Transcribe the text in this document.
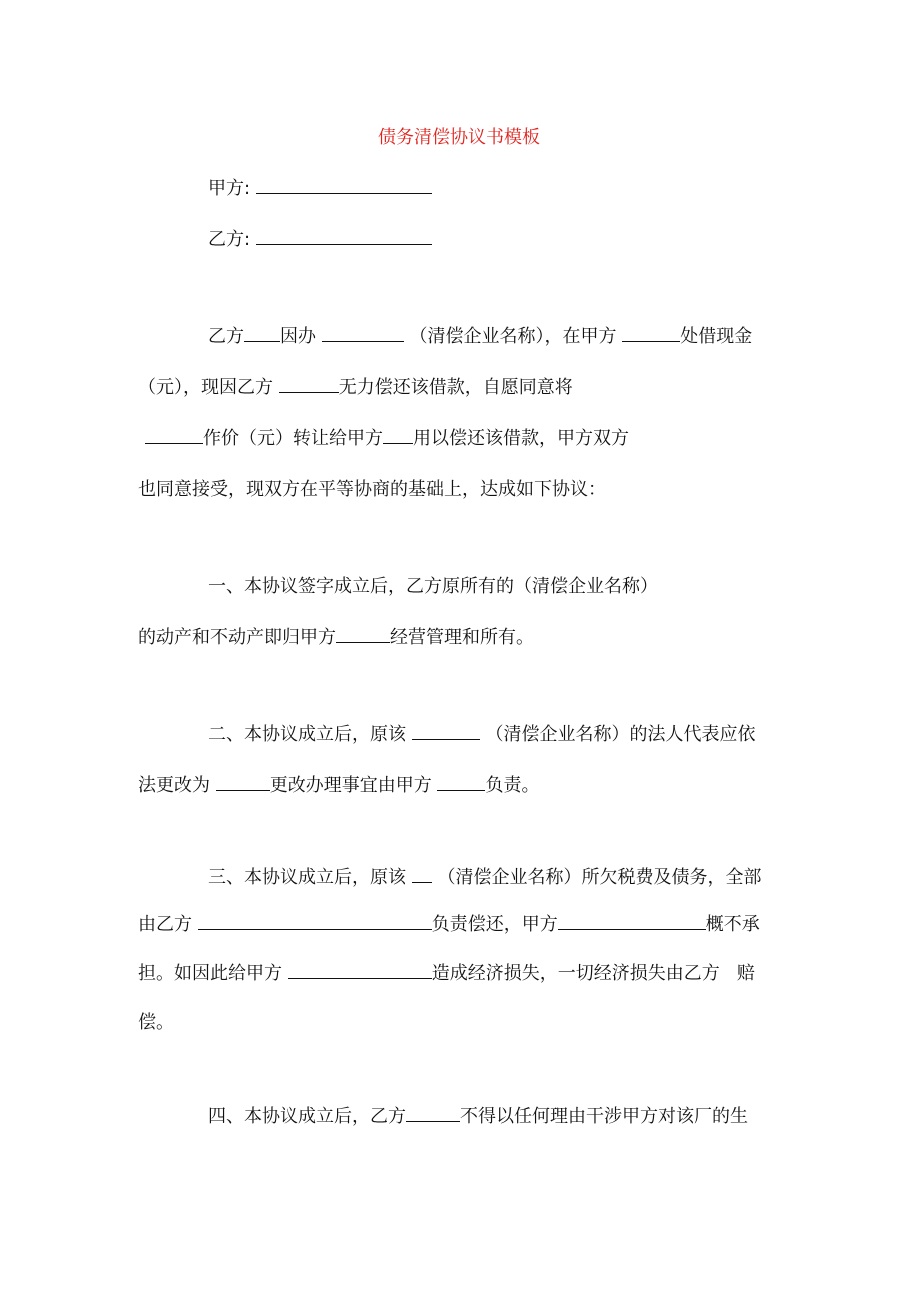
债务清偿协议书模板
甲方:
乙方:
乙方 因办	（清偿企业名称），在甲方	处借现金
（元），现因乙方	无力偿还该借款，自愿同意将
作价（元）转让给甲方 用以偿还该借款，甲方双方
也同意接受，现双方在平等协商的基础上，达成如下协议：
一、本协议签字成立后，乙方原所有的（清偿企业名称）
的动产和不动产即归甲方	经营管理和所有。
二、本协议成立后，原该	（清偿企业名称）的法人代表应依
法更改为	更改办理事宜由甲方	负责。
三、本协议成立后，原该 （清偿企业名称）所欠税费及债务，全部
由乙方	负责偿还，甲方	概不承
担。如因此给甲方	造成经济损失，一切经济损失由乙方 赔
偿。
四、本协议成立后，乙方	不得以任何理由干涉甲方对该厂的生
